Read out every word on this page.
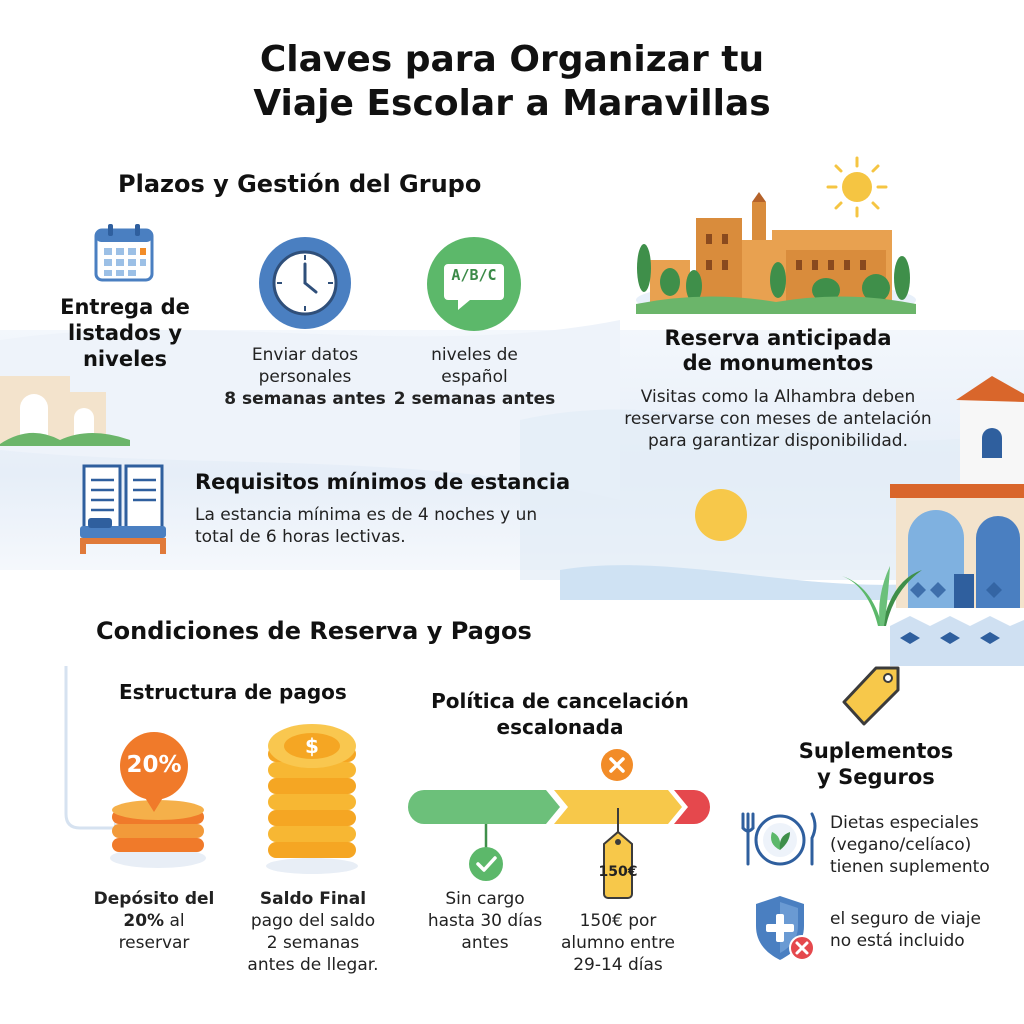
Claves para Organizar tu
Viaje Escolar a Maravillas
Plazos y Gestión del Grupo
Entrega de
listados y
niveles	Enviar datos
personales
8 semanas antes
A/B/C
niveles de
español
2 semanas antes
Requisitos mínimos de estancia
La estancia mínima es de 4 noches y un
total de 6 horas lectivas.
Reserva anticipada
de monumentos
Visitas como la Alhambra deben
reservarse con meses de antelación
para garantizar disponibilidad.
Condiciones de Reserva y Pagos
Estructura de pagos
20%
$
Depósito del
20% al
reservar
Saldo Final
pago del saldo
2 semanas
antes de llegar.
Política de cancelación
escalonada
Sin cargo
hasta 30 días
antes
150€
150€ por
alumno entre
29-14 días
Suplementos
y Seguros
Dietas especiales
(vegano/celíaco)
tienen suplemento
el seguro de viaje
no está incluido
